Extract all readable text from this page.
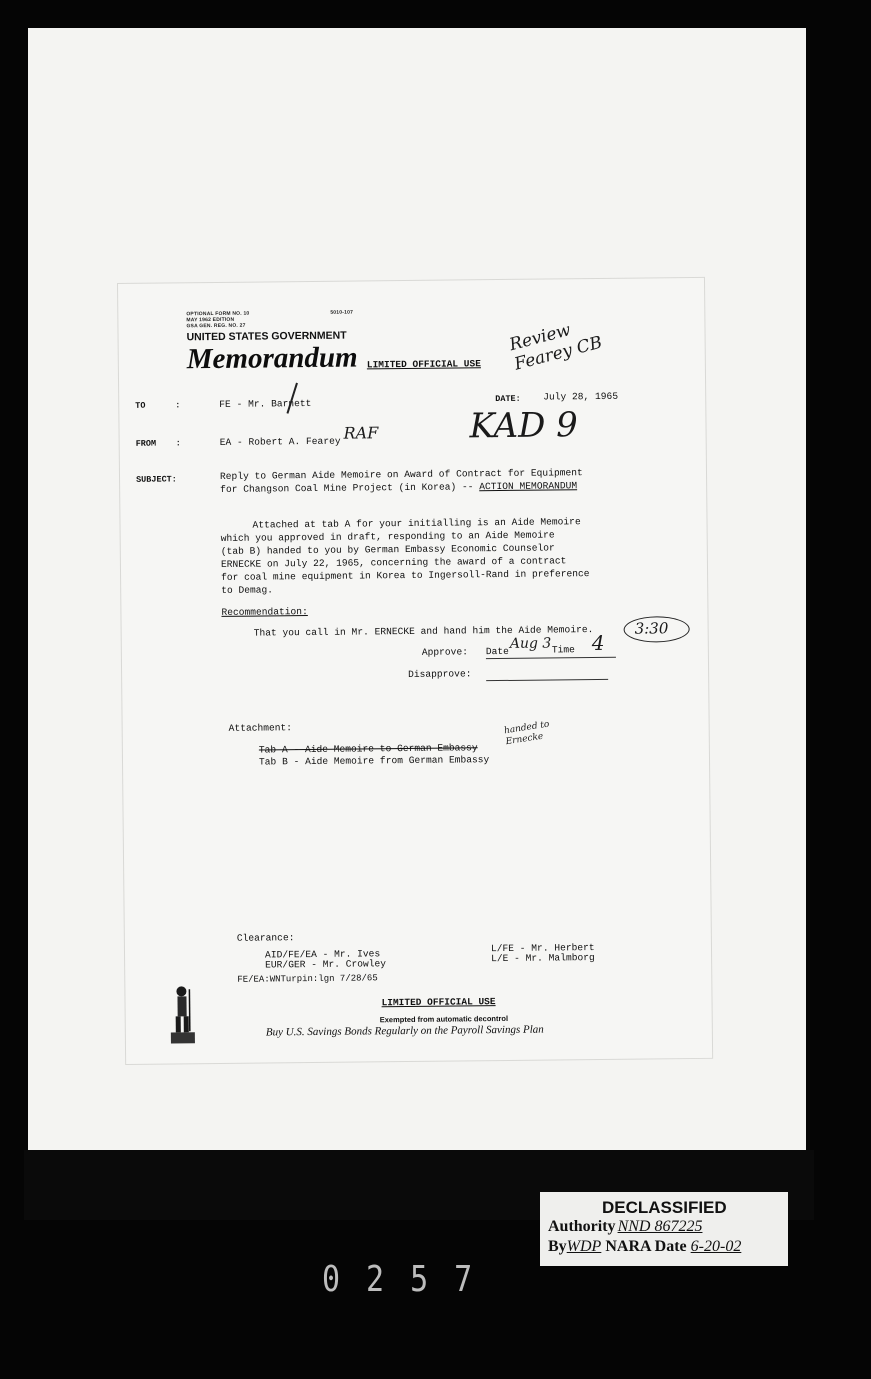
OPTIONAL FORM NO. 10
MAY 1962 EDITION
GSA GEN. REG. NO. 27
5010-107
UNITED STATES GOVERNMENT
Memorandum LIMITED OFFICIAL USE
Review Fearey CB
TO	:	FE - Mr. Barnett	DATE: July 28, 1965
FROM :	EA - Robert A. Fearey RAF	KAD 9
SUBJECT:	Reply to German Aide Memoire on Award of Contract for Equipment
for Changson Coal Mine Project (in Korea) -- ACTION MEMORANDUM
Attached at tab A for your initialling is an Aide Memoire
which you approved in draft, responding to an Aide Memoire
(tab B) handed to you by German Embassy Economic Counselor
ERNECKE on July 22, 1965, concerning the award of a contract
for coal mine equipment in Korea to Ingersoll-Rand in preference
to Demag.
Recommendation:
That you call in Mr. ERNECKE and hand him the Aide Memoire.	3:30
Approve: Date Aug 3 Time 4
Disapprove:
Attachment:
Tab A - Aide Memoire to German Embassy
handed to Ernecke
Tab B - Aide Memoire from German Embassy
Clearance:
AID/FE/EA - Mr. Ives
EUR/GER - Mr. Crowley
L/FE - Mr. Herbert
L/E - Mr. Malmborg
FE/EA:WNTurpin:lgn 7/28/65
LIMITED OFFICIAL USE
Exempted from automatic decontrol
Buy U.S. Savings Bonds Regularly on the Payroll Savings Plan
DECLASSIFIED
Authority NND 867225
ByWDP NARA Date 6-20-02
0257
